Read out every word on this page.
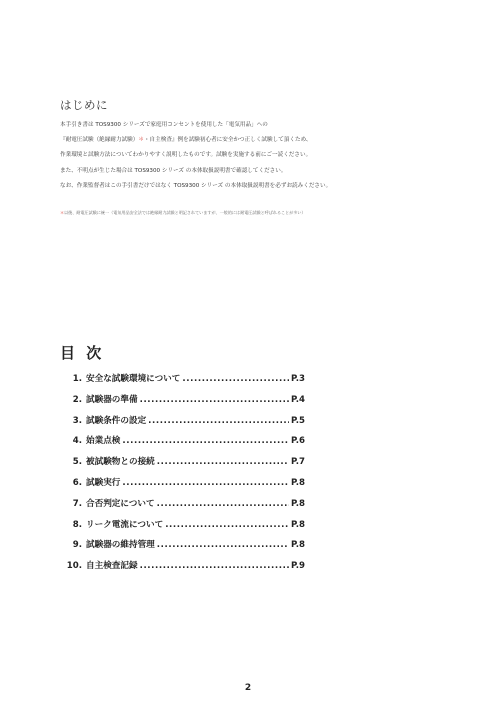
はじめに
本手引き書は TOS9300 シリーズで家庭用コンセントを使用した「電気用品」への
『耐電圧試験（絶縁耐力試験）＊・自主検査』例を試験初心者に安全かつ正しく試験して頂くため、
作業環境と試験方法についてわかりやすく説明したものです。試験を実施する前にご一読ください。
また、不明点が生じた場合は TOS9300 シリーズ の本体取扱説明書で確認してください。
なお、作業監督者はこの手引書だけではなく TOS9300 シリーズ の本体取扱説明書を必ずお読みください。
＊以後、耐電圧試験に統一（電気用品安全法では絶縁耐力試験と明記されていますが、一般的には耐電圧試験と呼ばれることが多い）
目 次
1. 安全な試験環境について .....	P.3
2. 試験器の準備 .....	P.4
3. 試験条件の設定 .....	P.5
4. 始業点検 .....	P.6
5. 被試験物との接続 .....	P.7
6. 試験実行 .....	P.8
7. 合否判定について .....	P.8
8. リーク電流について .....	P.8
9. 試験器の維持管理 .....	P.8
10. 自主検査記録 .....	P.9
2
